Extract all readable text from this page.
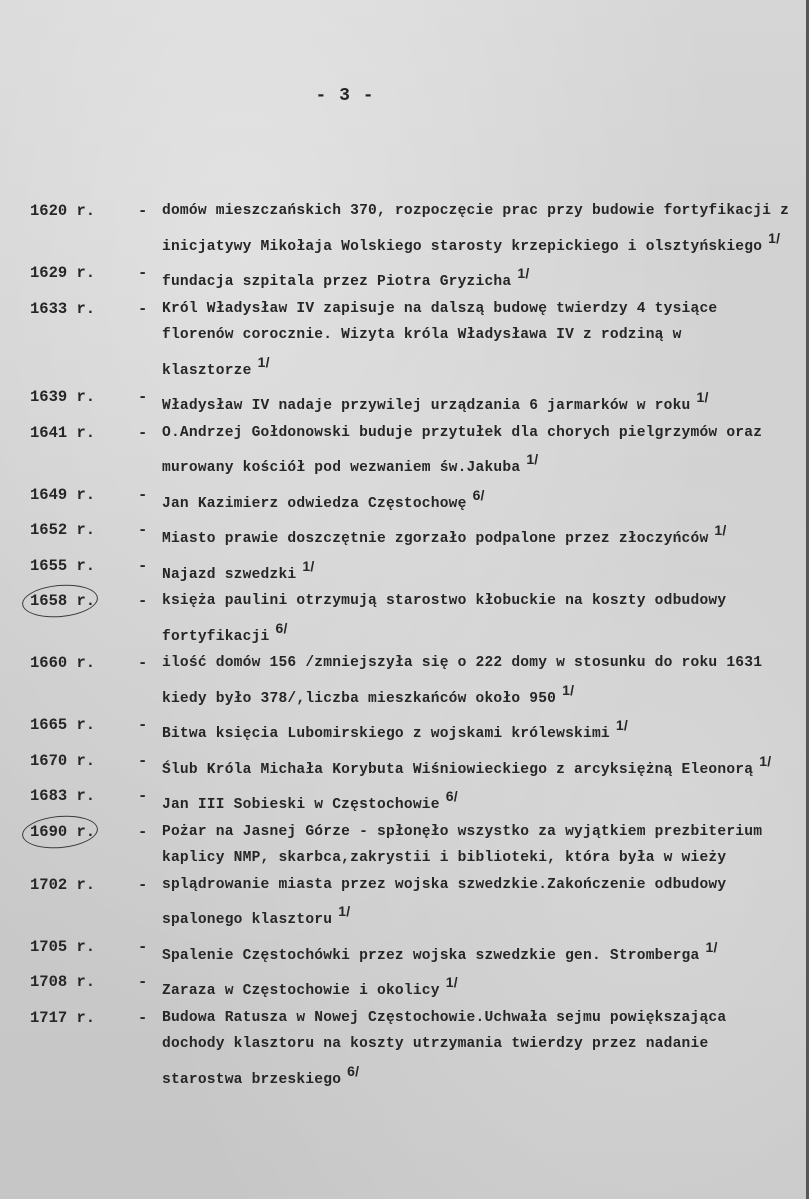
- 3 -
1620 r.	-	domów mieszczańskich 370, rozpoczęcie prac przy budowie fortyfikacji z inicjatywy Mikołaja Wolskiego starosty krzepickiego i olsztyńskiego1/
1629 r.	-	fundacja szpitala przez Piotra Gryzicha1/
1633 r.	-	Król Władysław IV zapisuje na dalszą budowę twierdzy 4 tysiące florenów corocznie. Wizyta króla Władysława IV z rodziną w klasztorze1/
1639 r.	-	Władysław IV nadaje przywilej urządzania 6 jarmarków w roku1/
1641 r.	-	O.Andrzej Gołdonowski buduje przytułek dla chorych pielgrzymów oraz murowany kościół pod wezwaniem św.Jakuba1/
1649 r.	-	Jan Kazimierz odwiedza Częstochowę6/
1652 r.	-	Miasto prawie doszczętnie zgorzało podpalone przez złoczyńców1/
1655 r.	-	Najazd szwedzki1/
1658 r.	-	księża paulini otrzymują starostwo kłobuckie na koszty odbudowy fortyfikacji6/
1660 r.	-	ilość domów 156 /zmniejszyła się o 222 domy w stosunku do roku 1631 kiedy było 378/,liczba mieszkańców około 9501/
1665 r.	-	Bitwa księcia Lubomirskiego z wojskami królewskimi1/
1670 r.	-	Ślub Króla Michała Korybuta Wiśniowieckiego z arcyksiężną Eleonorą1/
1683 r.	-	Jan III Sobieski w Częstochowie6/
1690 r.	-	Pożar na Jasnej Górze - spłonęło wszystko za wyjątkiem prezbiterium kaplicy NMP, skarbca,zakrystii i biblioteki, która była w wieży
1702 r.	-	splądrowanie miasta przez wojska szwedzkie.Zakończenie odbudowy spalonego klasztoru1/
1705 r.	-	Spalenie Częstochówki przez wojska szwedzkie gen. Stromberga1/
1708 r.	-	Zaraza w Częstochowie i okolicy1/
1717 r.	-	Budowa Ratusza w Nowej Częstochowie.Uchwała sejmu powiększająca dochody klasztoru na koszty utrzymania twierdzy przez nadanie starostwa brzeskiego6/
